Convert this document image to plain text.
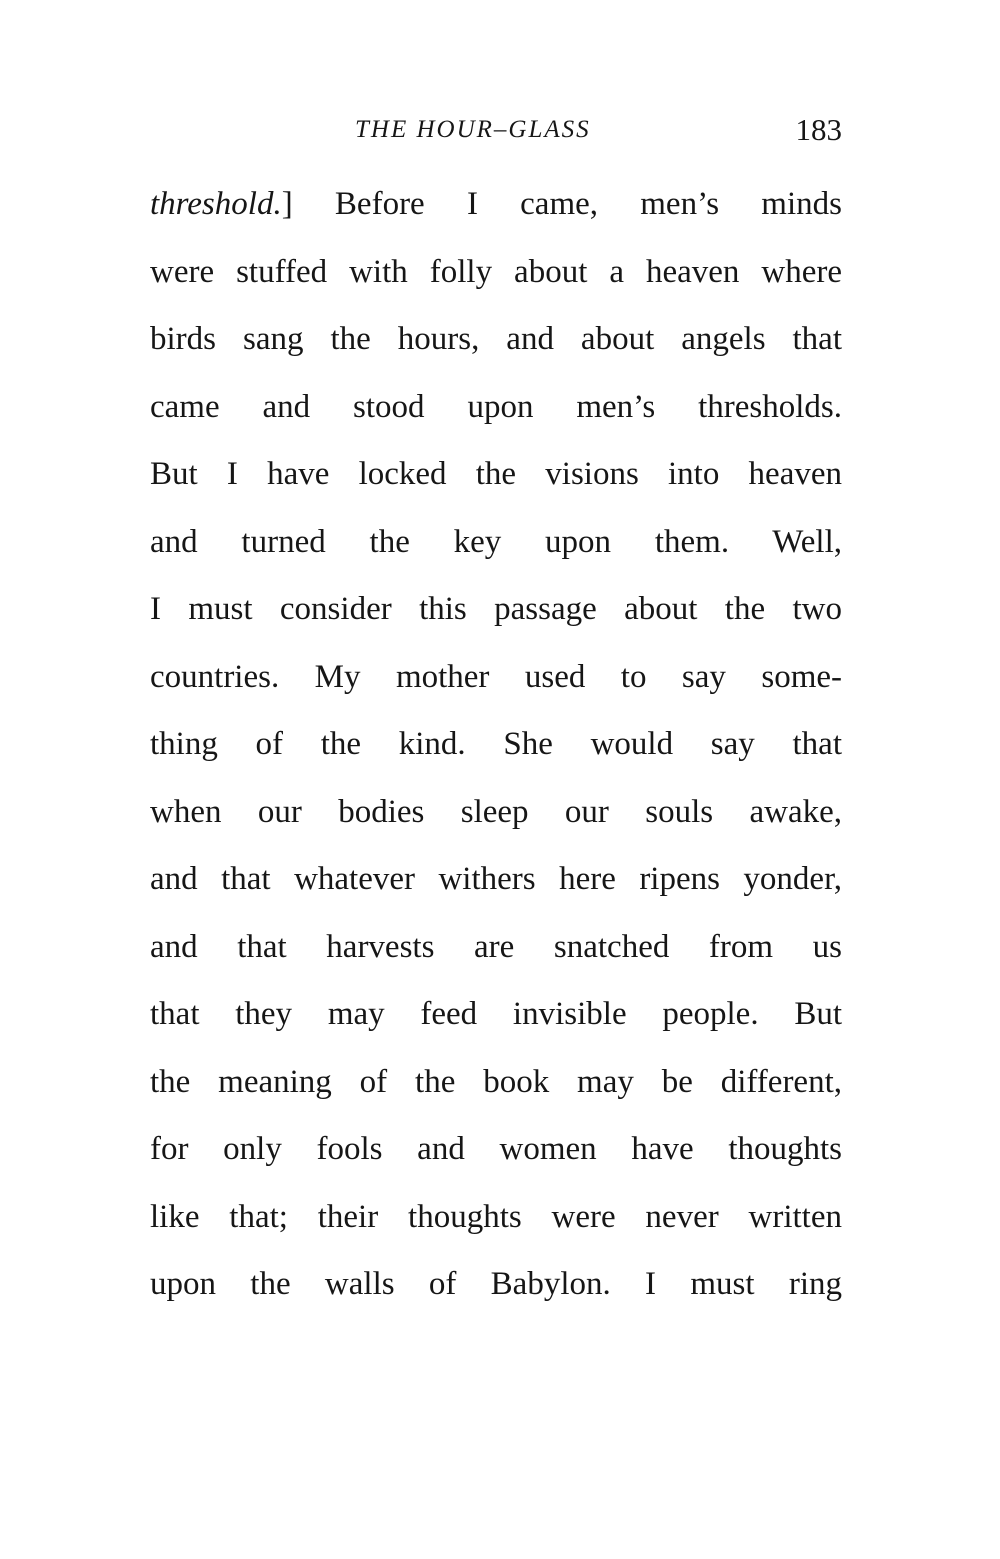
THE HOUR–GLASS	183
threshold.] Before I came, men’s minds
were stuffed with folly about a heaven where
birds sang the hours, and about angels that
came and stood upon men’s thresholds.
But I have locked the visions into heaven
and turned the key upon them. Well,
I must consider this passage about the two
countries. My mother used to say some-
thing of the kind. She would say that
when our bodies sleep our souls awake,
and that whatever withers here ripens yonder,
and that harvests are snatched from us
that they may feed invisible people. But
the meaning of the book may be different,
for only fools and women have thoughts
like that; their thoughts were never written
upon the walls of Babylon. I must ring
